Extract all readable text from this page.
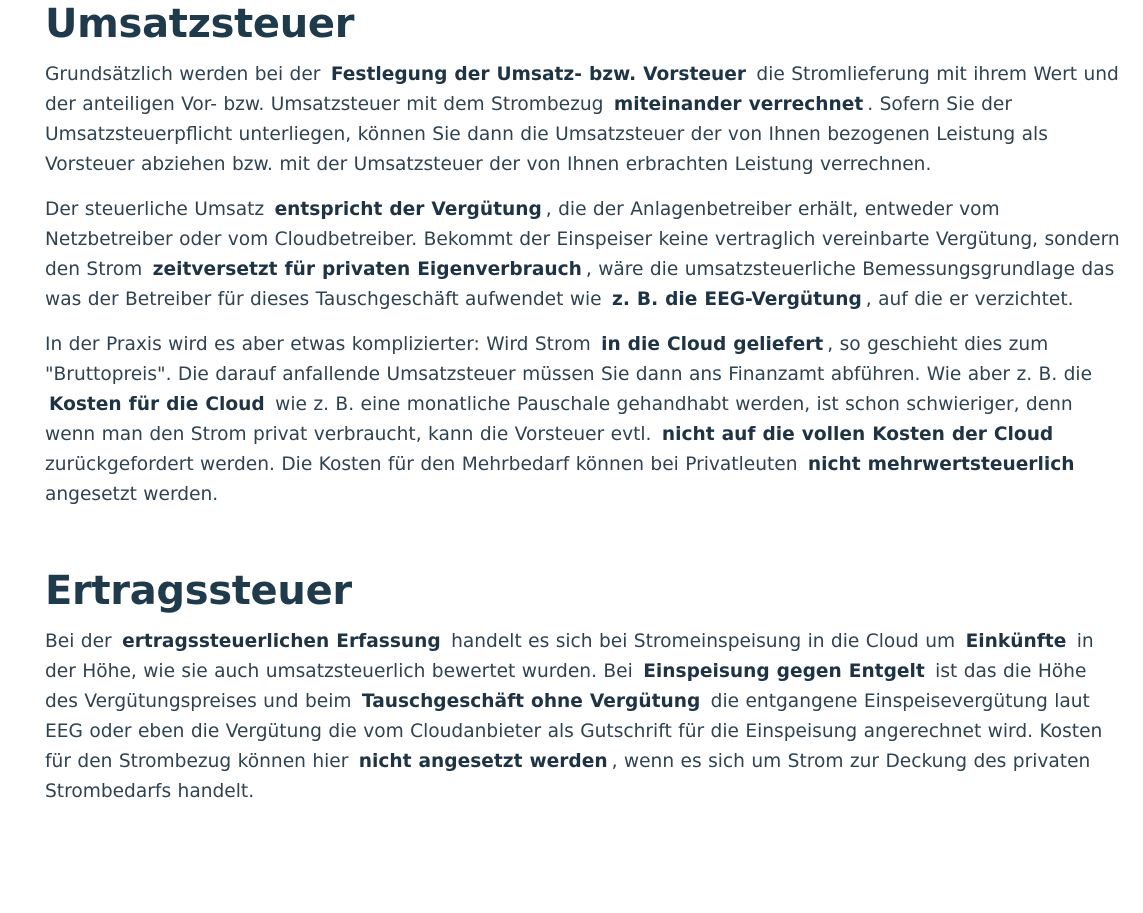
Umsatzsteuer

Grundsätzlich werden bei der Festlegung der Umsatz- bzw. Vorsteuer die Stromlieferung mit ihrem Wert und der anteiligen Vor- bzw. Umsatzsteuer mit dem Strombezug miteinander verrechnet . Sofern Sie der Umsatzsteuerpflicht unterliegen, können Sie dann die Umsatzsteuer der von Ihnen bezogenen Leistung als Vorsteuer abziehen bzw. mit der Umsatzsteuer der von Ihnen erbrachten Leistung verrechnen.

Der steuerliche Umsatz entspricht der Vergütung , die der Anlagenbetreiber erhält, entweder vom Netzbetreiber oder vom Cloudbetreiber. Bekommt der Einspeiser keine vertraglich vereinbarte Vergütung, sondern den Strom zeitversetzt für privaten Eigenverbrauch , wäre die umsatzsteuerliche Bemessungsgrundlage das was der Betreiber für dieses Tauschgeschäft aufwendet wie z. B. die EEG-Vergütung , auf die er verzichtet.

In der Praxis wird es aber etwas komplizierter: Wird Strom in die Cloud geliefert , so geschieht dies zum "Bruttopreis". Die darauf anfallende Umsatzsteuer müssen Sie dann ans Finanzamt abführen. Wie aber z. B. die Kosten für die Cloud wie z. B. eine monatliche Pauschale gehandhabt werden, ist schon schwieriger, denn wenn man den Strom privat verbraucht, kann die Vorsteuer evtl. nicht auf die vollen Kosten der Cloud zurückgefordert werden. Die Kosten für den Mehrbedarf können bei Privatleuten nicht mehrwertsteuerlich angesetzt werden.

Ertragssteuer

Bei der ertragssteuerlichen Erfassung handelt es sich bei Stromeinspeisung in die Cloud um Einkünfte in der Höhe, wie sie auch umsatzsteuerlich bewertet wurden. Bei Einspeisung gegen Entgelt ist das die Höhe des Vergütungspreises und beim Tauschgeschäft ohne Vergütung die entgangene Einspeisevergütung laut EEG oder eben die Vergütung die vom Cloudanbieter als Gutschrift für die Einspeisung angerechnet wird. Kosten für den Strombezug können hier nicht angesetzt werden , wenn es sich um Strom zur Deckung des privaten Strombedarfs handelt.
